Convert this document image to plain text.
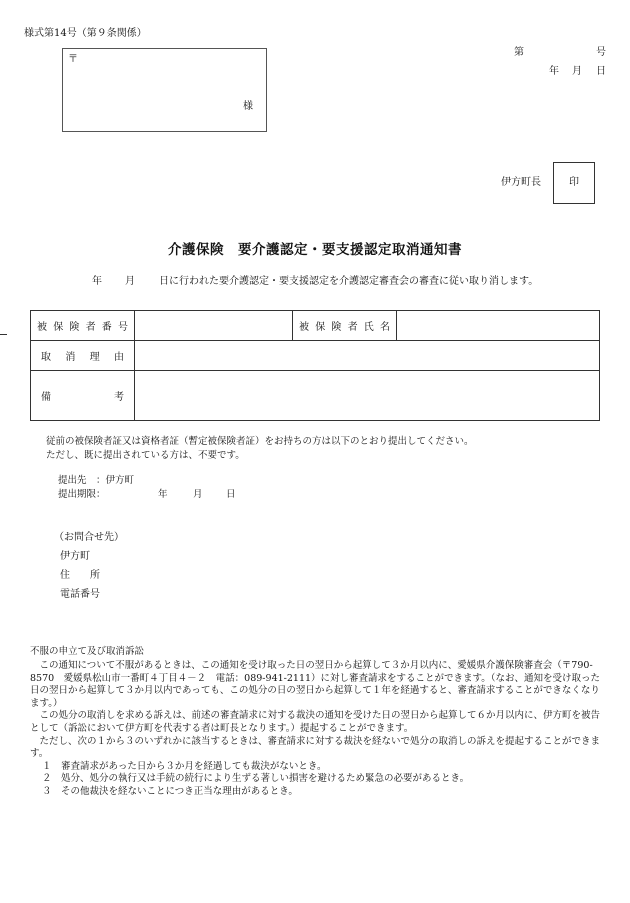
様式第14号（第９条関係）
〒
様
第	号
年 月 日
伊方町長	印
介護保険　要介護認定・要支援認定取消通知書
年 月 日に行われた要介護認定・要支援認定を介護認定審査会の審査に従い取り消します。
被保険者番号		被保険者氏名	

取消理由			

備考			

従前の被保険者証又は資格者証（暫定被保険者証）をお持ちの方は以下のとおり提出してください。
ただし、既に提出されている方は、不要です。
提出先　：伊方町
提出期限：	年	月 日
（お問合せ先）
伊方町
住　　所
電話番号
不服の申立て及び取消訴訟
この通知について不服があるときは、この通知を受け取った日の翌日から起算して３か月以内に、愛媛県介護保険審査会（〒790-8570　愛媛県松山市一番町４丁目４－２　電話：089-941-2111）に対し審査請求をすることができます。（なお、通知を受け取った日の翌日から起算して３か月以内であっても、この処分の日の翌日から起算して１年を経過すると、審査請求することができなくなります。）
この処分の取消しを求める訴えは、前述の審査請求に対する裁決の通知を受けた日の翌日から起算して６か月以内に、伊方町を被告として（訴訟において伊方町を代表する者は町長となります。）提起することができます。
ただし、次の１から３のいずれかに該当するときは、審査請求に対する裁決を経ないで処分の取消しの訴えを提起することができます。
１　審査請求があった日から３か月を経過しても裁決がないとき。
２　処分、処分の執行又は手続の続行により生ずる著しい損害を避けるため緊急の必要があるとき。
３　その他裁決を経ないことにつき正当な理由があるとき。
